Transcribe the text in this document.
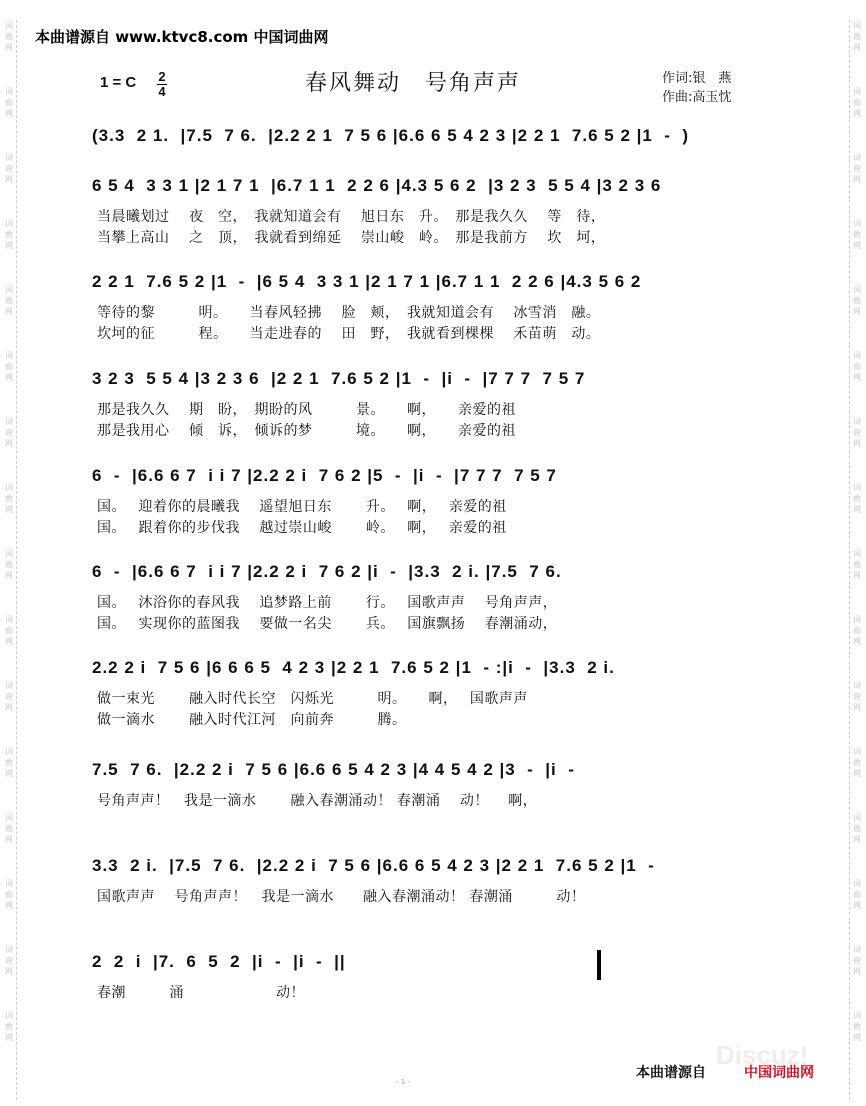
词
曲
网
词
曲
网
词
曲
网
词
曲
网
词
曲
网
词
曲
网
词
曲
网
词
曲
网
词
曲
网
词
曲
网
词
曲
网
词
曲
网
词
曲
网
词
曲
网
词
曲
网
词
曲
网
词
曲
网
词
曲
网
词
曲
网
词
曲
网
词
曲
网
词
曲
网
词
曲
网
词
曲
网
词
曲
网
词
曲
网
词
曲
网
词
曲
网
词
曲
网
词
曲
网
词
曲
网
词
曲
网
本曲谱源自 www.ktvc8.com 中国词曲网
1 = C 2
4	春风舞动　号角声声	作词:银　燕
作曲:高玉忱
(3.3  2 1.  |7.5  7 6.  |2.2 2 1  7 5 6 |6.6 6 5 4 2 3 |2 2 1  7.6 5 2 |1  -  )
6 5 4  3 3 1 |2 1 7 1  |6.7 1 1  2 2 6 |4.3 5 6 2  |3 2 3  5 5 4 |3 2 3 6
当晨曦划过　 夜　空，　我就知道会有　 旭日东　升。　那是我久久　 等　待，
当攀上高山　 之　顶，　我就看到绵延　 崇山峻　岭。　那是我前方　 坎　坷，
2 2 1  7.6 5 2 |1  -  |6 5 4  3 3 1 |2 1 7 1 |6.7 1 1  2 2 6 |4.3 5 6 2
等待的黎　　　明。　　当春风轻拂　 脸　颊，　我就知道会有　 冰雪消　融。
坎坷的征　　　程。　　当走进春的　 田　野，　我就看到棵棵　 禾苗萌　动。
3 2 3  5 5 4 |3 2 3 6  |2 2 1  7.6 5 2 |1  -  |i  -  |7 7 7  7 5 7
那是我久久　 期　盼，　期盼的风　　　景。　　啊，　　亲爱的祖
那是我用心　 倾　诉，　倾诉的梦　　　境。　　啊，　　亲爱的祖
6  -  |6.6 6 7  i i 7 |2.2 2 i  7 6 2 |5  -  |i  -  |7 7 7  7 5 7
国。　 迎着你的晨曦我　 遥望旭日东　　 升。　 啊，　 亲爱的祖
国。　 跟着你的步伐我　 越过崇山峻　　 岭。　 啊，　 亲爱的祖
6  -  |6.6 6 7  i i 7 |2.2 2 i  7 6 2 |i  -  |3.3  2 i. |7.5  7 6.
国。　 沐浴你的春风我　 追梦路上前　　 行。　 国歌声声　 号角声声，
国。　 实现你的蓝图我　 要做一名尖　　 兵。　 国旗飘扬　 春潮涌动，
2.2 2 i  7 5 6 |6 6 6 5  4 2 3 |2 2 1  7.6 5 2 |1  - :|i  -  |3.3  2 i.
做一束光　　 融入时代长空　闪烁光　　　明。　　啊，　 国歌声声
做一滴水　　 融入时代江河　向前奔　　　腾。
7.5  7 6.  |2.2 2 i  7 5 6 |6.6 6 5 4 2 3 |4 4 5 4 2 |3  -  |i  -
号角声声！　我是一滴水　　 融入春潮涌动！ 春潮涌　 动！　 啊，
3.3  2 i.  |7.5  7 6.  |2.2 2 i  7 5 6 |6.6 6 5 4 2 3 |2 2 1  7.6 5 2 |1  -
国歌声声　 号角声声！　我是一滴水　　融入春潮涌动！ 春潮涌　　　动！
2  2  i  |7.  6  5  2  |i  -  |i  -  ||
春潮　　　涌　　　　　　 动！
Discuz!
- 1 -
本曲谱源自	中国词曲网
